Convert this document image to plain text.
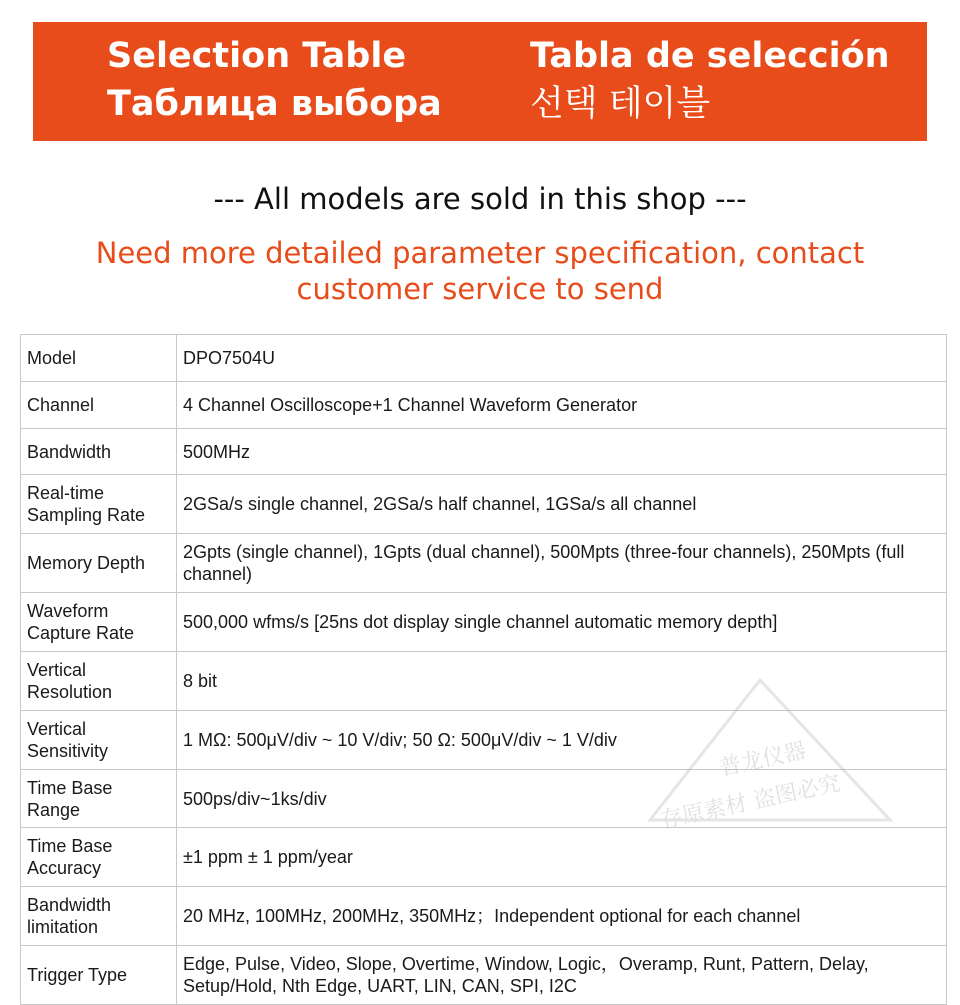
Selection Table	Tabla de selección
Таблица выбора	선택 테이블
--- All models are sold in this shop ---
Need more detailed parameter specification, contact customer service to send
Model	DPO7504U
Channel	4 Channel Oscilloscope+1 Channel Waveform Generator
Bandwidth	500MHz
Real-time Sampling Rate	2GSa/s single channel, 2GSa/s half channel, 1GSa/s all channel
Memory Depth	2Gpts (single channel), 1Gpts (dual channel), 500Mpts (three-four channels), 250Mpts (full channel)
Waveform Capture Rate	500,000 wfms/s [25ns dot display single channel automatic memory depth]
Vertical Resolution	8 bit
Vertical Sensitivity	1 MΩ: 500μV/div ~ 10 V/div; 50 Ω: 500μV/div ~ 1 V/div
Time Base Range	500ps/div~1ks/div
Time Base Accuracy	±1 ppm ± 1 ppm/year
Bandwidth limitation	20 MHz, 100MHz, 200MHz, 350MHz；Independent optional for each channel
Trigger Type	Edge, Pulse, Video, Slope, Overtime, Window, Logic，Overamp, Runt, Pattern, Delay, Setup/Hold, Nth Edge, UART, LIN, CAN, SPI, I2C
普龙仪器
存原素材 盗图必究
